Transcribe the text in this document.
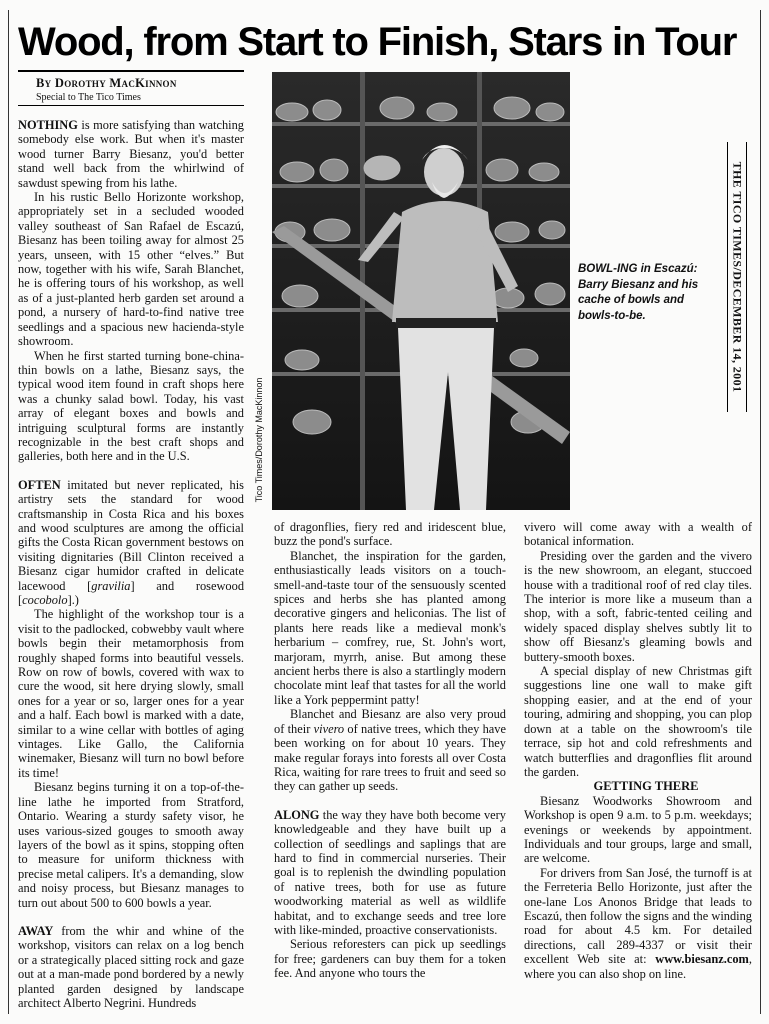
Wood, from Start to Finish, Stars in Tour
By Dorothy MacKinnon
Special to The Tico Times

NOTHING is more satisfying than watching somebody else work. But when it's master wood turner Barry Biesanz, you'd better stand well back from the whirlwind of sawdust spewing from his lathe.

In his rustic Bello Horizonte workshop, appropriately set in a secluded wooded valley southeast of San Rafael de Escazú, Biesanz has been toiling away for almost 25 years, unseen, with 15 other “elves.” But now, together with his wife, Sarah Blanchet, he is offering tours of his workshop, as well as of a just-planted herb garden set around a pond, a nursery of hard-to-find native tree seedlings and a spacious new hacienda-style showroom.

When he first started turning bone-china-thin bowls on a lathe, Biesanz says, the typical wood item found in craft shops here was a chunky salad bowl. Today, his vast array of elegant boxes and bowls and intriguing sculptural forms are instantly recognizable in the best craft shops and galleries, both here and in the U.S.

OFTEN imitated but never replicated, his artistry sets the standard for wood craftsmanship in Costa Rica and his boxes and wood sculptures are among the official gifts the Costa Rican government bestows on visiting dignitaries (Bill Clinton received a Biesanz cigar humidor crafted in delicate lacewood [gravilia] and rosewood [cocobolo].)

The highlight of the workshop tour is a visit to the padlocked, cobwebby vault where bowls begin their metamorphosis from roughly shaped forms into beautiful vessels. Row on row of bowls, covered with wax to cure the wood, sit here drying slowly, small ones for a year or so, larger ones for a year and a half. Each bowl is marked with a date, similar to a wine cellar with bottles of aging vintages. Like Gallo, the California winemaker, Biesanz will turn no bowl before its time!

Biesanz begins turning it on a top-of-the-line lathe he imported from Stratford, Ontario. Wearing a sturdy safety visor, he uses various-sized gouges to smooth away layers of the bowl as it spins, stopping often to measure for uniform thickness with precise metal calipers. It's a demanding, slow and noisy process, but Biesanz manages to turn out about 500 to 600 bowls a year.

AWAY from the whir and whine of the workshop, visitors can relax on a log bench or a strategically placed sitting rock and gaze out at a man-made pond bordered by a newly planted garden designed by landscape architect Alberto Negrini. Hundreds

Tico Times/Dorothy MacKinnon
BOWL-ING in Escazú: Barry Biesanz and his cache of bowls and bowls-to-be.	THE TICO TIMES/DECEMBER 14, 2001

of dragonflies, fiery red and iridescent blue, buzz the pond's surface.

Blanchet, the inspiration for the garden, enthusiastically leads visitors on a touch-smell-and-taste tour of the sensuously scented spices and herbs she has planted among decorative gingers and heliconias. The list of plants here reads like a medieval monk's herbarium – comfrey, rue, St. John's wort, marjoram, myrrh, anise. But among these ancient herbs there is also a startlingly modern chocolate mint leaf that tastes for all the world like a York peppermint patty!

Blanchet and Biesanz are also very proud of their vivero of native trees, which they have been working on for about 10 years. They make regular forays into forests all over Costa Rica, waiting for rare trees to fruit and seed so they can gather up seeds.

ALONG the way they have both become very knowledgeable and they have built up a collection of seedlings and saplings that are hard to find in commercial nurseries. Their goal is to replenish the dwindling population of native trees, both for use as future woodworking material as well as wildlife habitat, and to exchange seeds and tree lore with like-minded, proactive conservationists.

Serious reforesters can pick up seedlings for free; gardeners can buy them for a token fee. And anyone who tours the

vivero will come away with a wealth of botanical information.

Presiding over the garden and the vivero is the new showroom, an elegant, stuccoed house with a traditional roof of red clay tiles. The interior is more like a museum than a shop, with a soft, fabric-tented ceiling and widely spaced display shelves subtly lit to show off Biesanz's gleaming bowls and buttery-smooth boxes.

A special display of new Christmas gift suggestions line one wall to make gift shopping easier, and at the end of your touring, admiring and shopping, you can plop down at a table on the showroom's tile terrace, sip hot and cold refreshments and watch butterflies and dragonflies flit around the garden.

GETTING THERE

Biesanz Woodworks Showroom and Workshop is open 9 a.m. to 5 p.m. weekdays; evenings or weekends by appointment. Individuals and tour groups, large and small, are welcome.

For drivers from San José, the turnoff is at the Ferreteria Bello Horizonte, just after the one-lane Los Anonos Bridge that leads to Escazú, then follow the signs and the winding road for about 4.5 km. For detailed directions, call 289-4337 or visit their excellent Web site at: www.biesanz.com, where you can also shop on line.
